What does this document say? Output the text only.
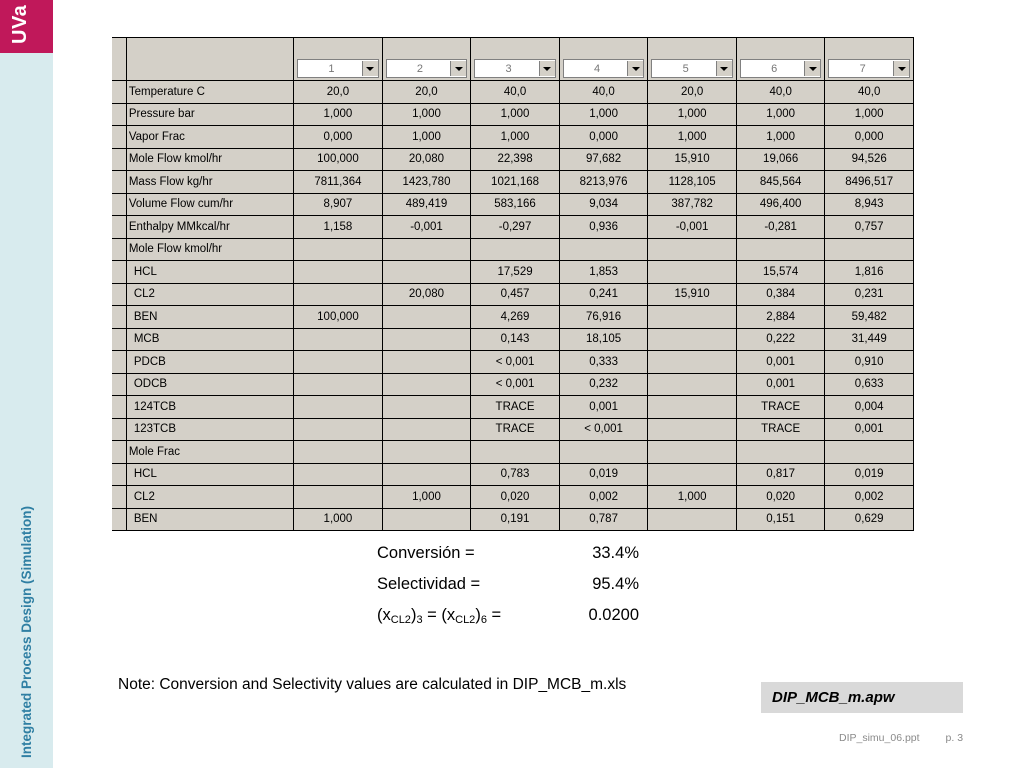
UVa
Integrated Process Design (Simulation)

		1	2	3	4	5	6	7

	Temperature C	20,0	20,0	40,0	40,0	20,0	40,0	40,0
	Pressure bar	1,000	1,000	1,000	1,000	1,000	1,000	1,000
	Vapor Frac	0,000	1,000	1,000	0,000	1,000	1,000	0,000
	Mole Flow kmol/hr	100,000	20,080	22,398	97,682	15,910	19,066	94,526
	Mass Flow kg/hr	7811,364	1423,780	1021,168	8213,976	1128,105	845,564	8496,517
	Volume Flow cum/hr	8,907	489,419	583,166	9,034	387,782	496,400	8,943
	Enthalpy MMkcal/hr	1,158	-0,001	-0,297	0,936	-0,001	-0,281	0,757
	Mole Flow kmol/hr							
	HCL			17,529	1,853		15,574	1,816
	CL2		20,080	0,457	0,241	15,910	0,384	0,231
	BEN	100,000		4,269	76,916		2,884	59,482
	MCB			0,143	18,105		0,222	31,449
	PDCB			< 0,001	0,333		0,001	0,910
	ODCB			< 0,001	0,232		0,001	0,633
	124TCB			TRACE	0,001		TRACE	0,004
	123TCB			TRACE	< 0,001		TRACE	0,001
	Mole Frac							
	HCL			0,783	0,019		0,817	0,019
	CL2		1,000	0,020	0,002	1,000	0,020	0,002
	BEN	1,000		0,191	0,787		0,151	0,629
Conversión =	33.4%
Selectividad =	95.4%
$(x_{CL2})_3 = (x_{CL2})_6$ =	0.0200
Note: Conversion and Selectivity values are calculated in DIP_MCB_m.xls
DIP_MCB_m.apw
DIP_simu_06.ppt p. 3
